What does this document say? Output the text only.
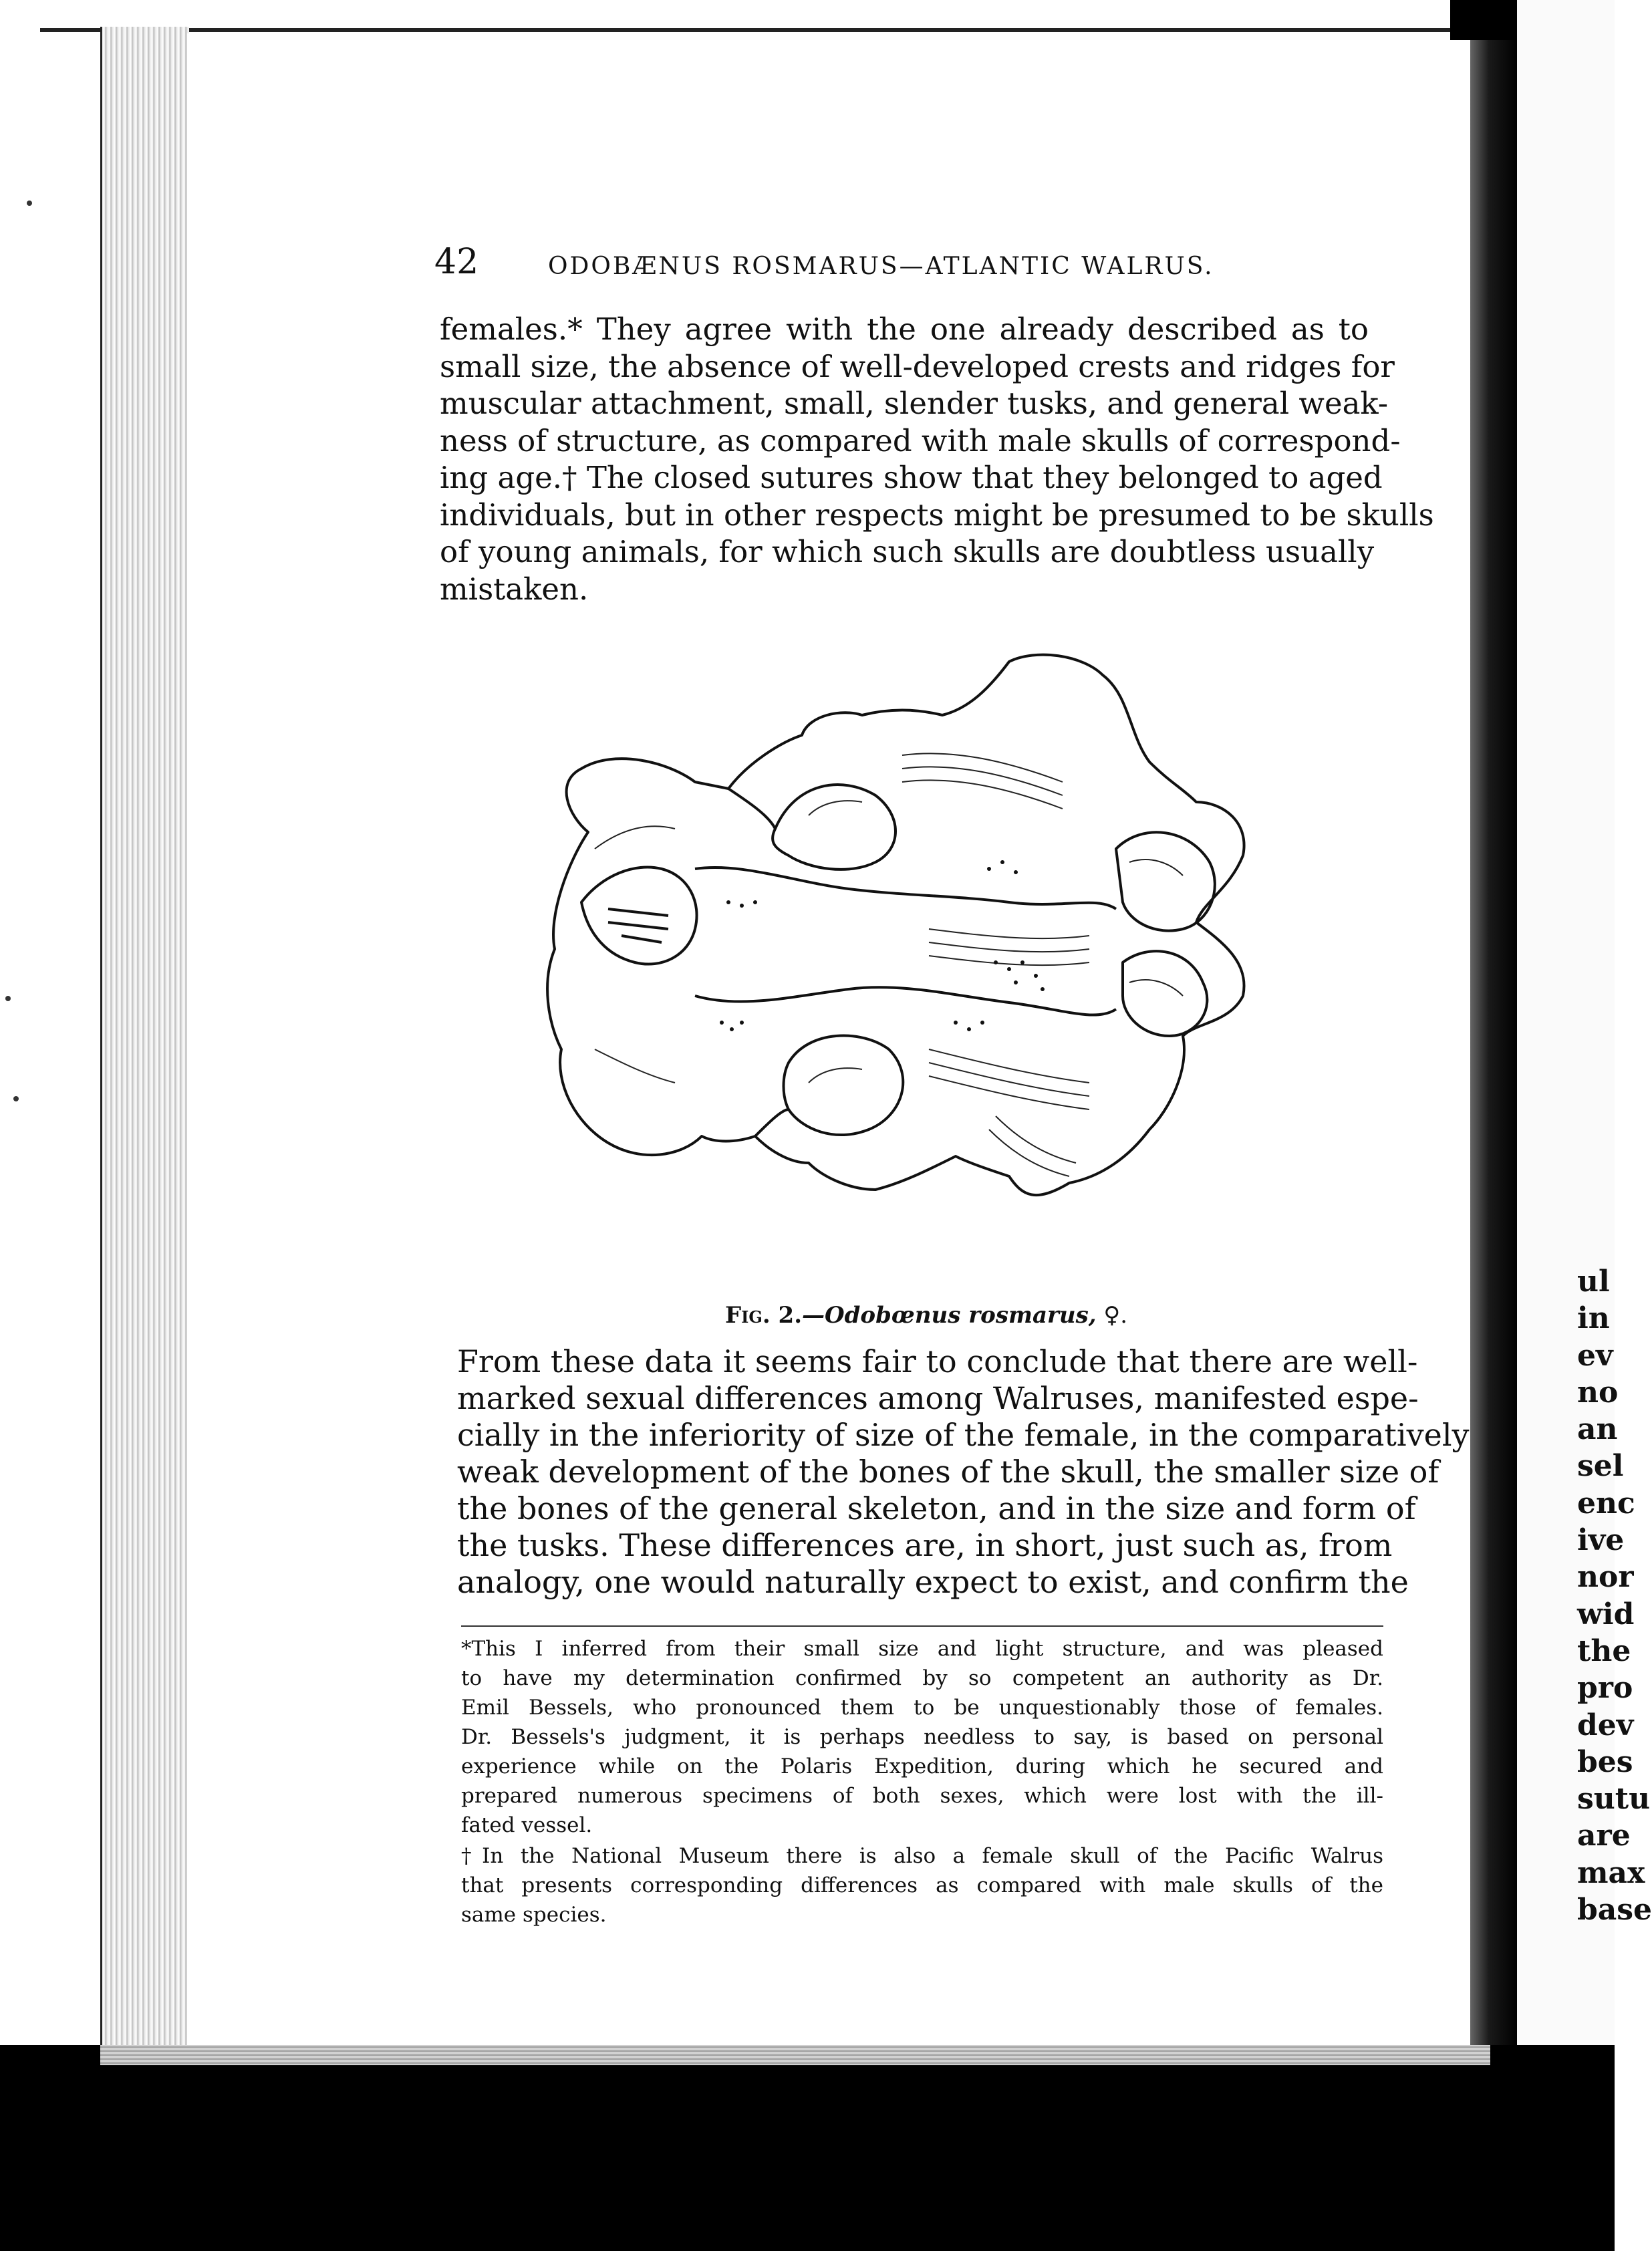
42	ODOBÆNUS ROSMARUS—ATLANTIC WALRUS.
females.* They agree with the one already described as to
small size, the absence of well-developed crests and ridges for
muscular attachment, small, slender tusks, and general weak-
ness of structure, as compared with male skulls of correspond-
ing age.† The closed sutures show that they belonged to aged
individuals, but in other respects might be presumed to be skulls
of young animals, for which such skulls are doubtless usually
mistaken.
Fig. 2.—Odobœnus rosmarus, ♀.
From these data it seems fair to conclude that there are well-
marked sexual differences among Walruses, manifested espe-
cially in the inferiority of size of the female, in the comparatively
weak development of the bones of the skull, the smaller size of
the bones of the general skeleton, and in the size and form of
the tusks. These differences are, in short, just such as, from
analogy, one would naturally expect to exist, and confirm the
*This I inferred from their small size and light structure, and was pleased
to have my determination confirmed by so competent an authority as Dr.
Emil Bessels, who pronounced them to be unquestionably those of females.
Dr. Bessels's judgment, it is perhaps needless to say, is based on personal
experience while on the Polaris Expedition, during which he secured and
prepared numerous specimens of both sexes, which were lost with the ill-
fated vessel.
†In the National Museum there is also a female skull of the Pacific Walrus
that presents corresponding differences as compared with male skulls of the
same species.
ul
in
ev
no
an
sel
enc
ive
nor
wid
the
pro
dev
bes
sutu
are
max
base
